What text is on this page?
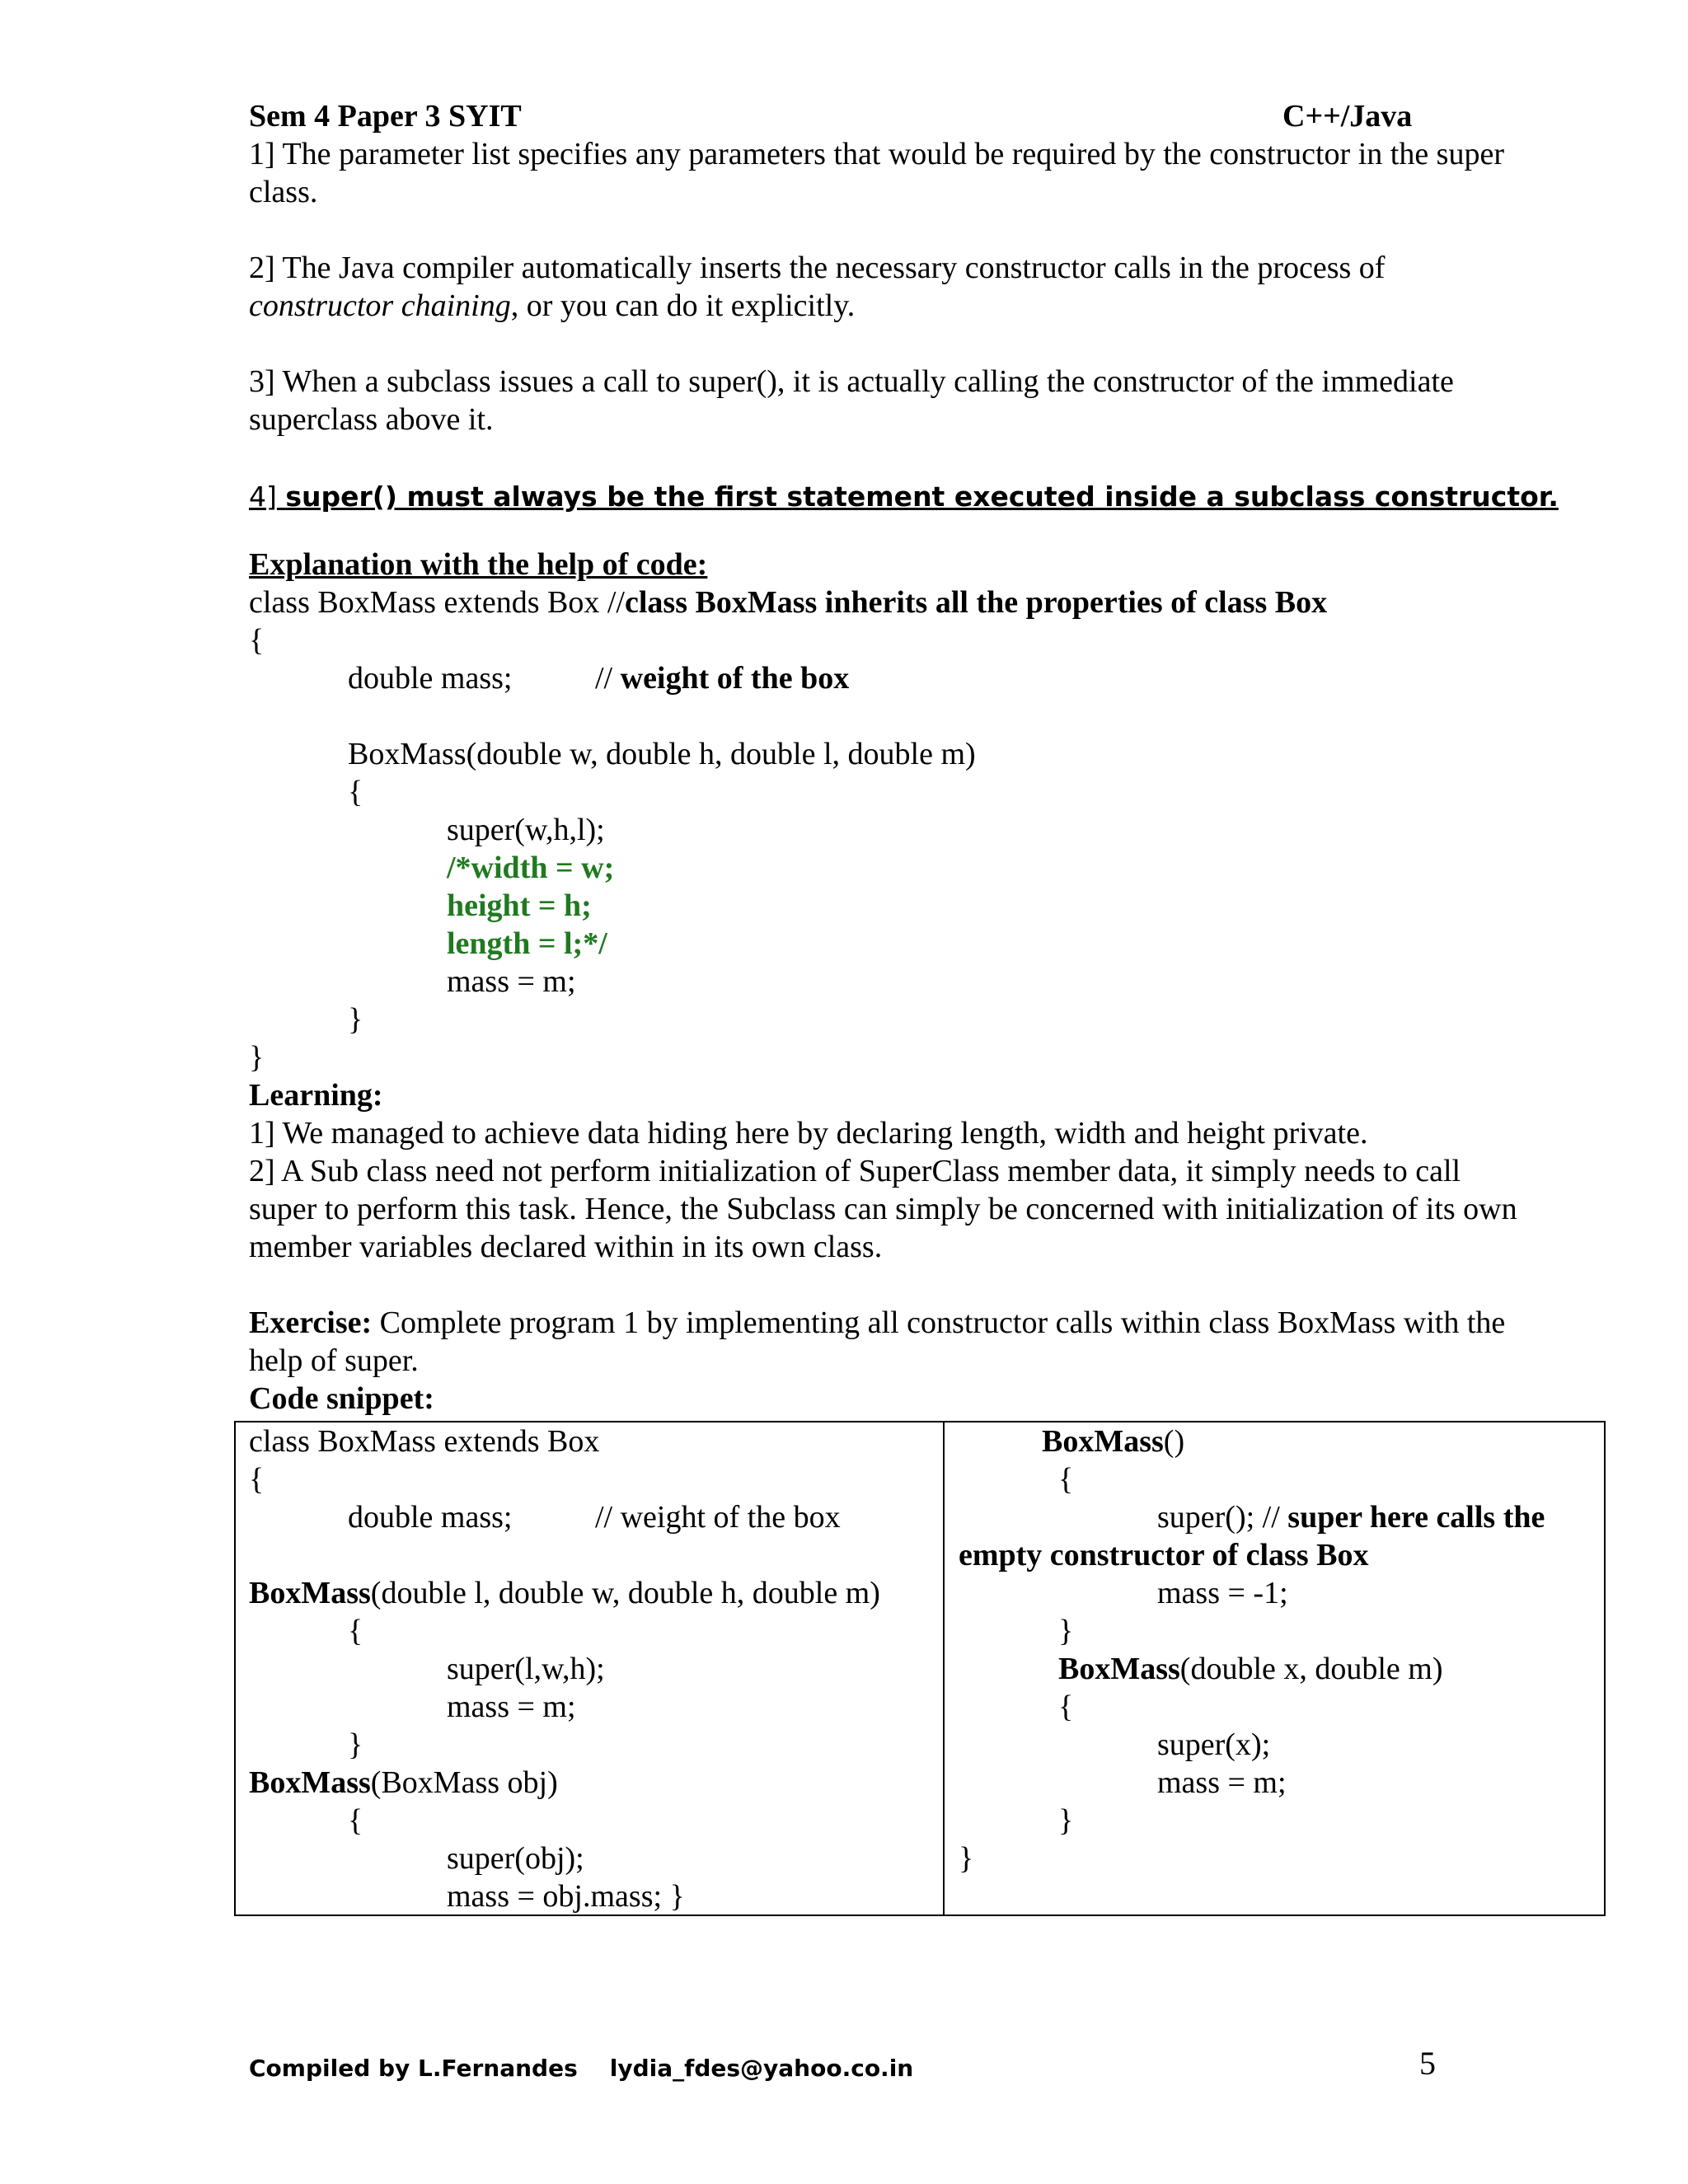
Sem 4 Paper 3 SYIT	C++/Java
1] The parameter list specifies any parameters that would be required by the constructor in the super
class.
2] The Java compiler automatically inserts the necessary constructor calls in the process of
constructor chaining, or you can do it explicitly.
3] When a subclass issues a call to super(), it is actually calling the constructor of the immediate
superclass above it.
4] super() must always be the first statement executed inside a subclass constructor.
Explanation with the help of code:
class BoxMass extends Box //class BoxMass inherits all the properties of class Box
{
double mass;	// weight of the box
BoxMass(double w, double h, double l, double m)
{
super(w,h,l);
/*width = w;
height = h;
length = l;*/
mass = m;
}
}
Learning:
1] We managed to achieve data hiding here by declaring length, width and height private.
2] A Sub class need not perform initialization of SuperClass member data, it simply needs to call
super to perform this task. Hence, the Subclass can simply be concerned with initialization of its own
member variables declared within in its own class.
Exercise: Complete program 1 by implementing all constructor calls within class BoxMass with the
help of super.
Code snippet:
class BoxMass extends Box
{
double mass;	// weight of the box
BoxMass(double l, double w, double h, double m)
{
super(l,w,h);
mass = m;
}
BoxMass(BoxMass obj)
{
super(obj);
mass = obj.mass; }
BoxMass()
{
super(); // super here calls the
empty constructor of class Box
mass = -1;
}
BoxMass(double x, double m)
{
super(x);
mass = m;
}
}
Compiled by L.Fernandes lydia_fdes@yahoo.co.in	5
